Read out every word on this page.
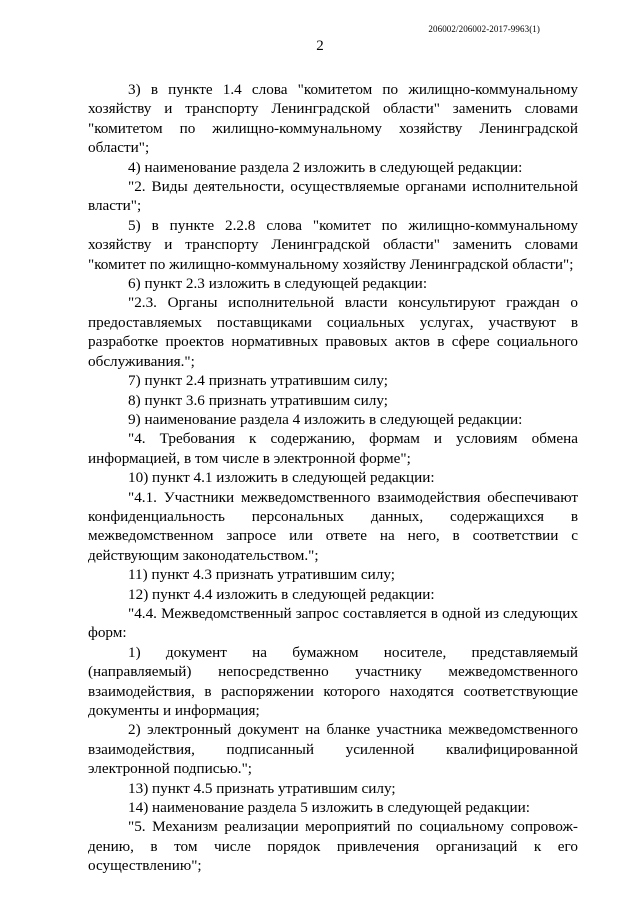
206002/206002-2017-9963(1)
2

3) в пункте 1.4 слова "комитетом по жилищно-коммунальному хозяйству и транспорту Ленинградской области" заменить словами "комитетом по жилищно-коммунальному хозяйству Ленинградской области";

4) наименование раздела 2 изложить в следующей редакции:

"2. Виды деятельности, осуществляемые органами исполнительной власти";

5) в пункте 2.2.8 слова "комитет по жилищно-коммунальному хозяйству и транспорту Ленинградской области" заменить словами "комитет по жилищно-коммунальному хозяйству Ленинградской области";

6) пункт 2.3 изложить в следующей редакции:

"2.3. Органы исполнительной власти консультируют граждан о предоставляемых поставщиками социальных услугах, участвуют в разработке проектов нормативных правовых актов в сфере социального обслуживания.";

7) пункт 2.4 признать утратившим силу;

8) пункт 3.6 признать утратившим силу;

9) наименование раздела 4 изложить в следующей редакции:

"4. Требования к содержанию, формам и условиям обмена информацией, в том числе в электронной форме";

10) пункт 4.1 изложить в следующей редакции:

"4.1. Участники межведомственного взаимодействия обеспечивают конфиденциальность персональных данных, содержащихся в межведомственном запросе или ответе на него, в соответствии с действующим законодательством.";

11) пункт 4.3 признать утратившим силу;

12) пункт 4.4 изложить в следующей редакции:

"4.4. Межведомственный запрос составляется в одной из следующих форм:

1) документ на бумажном носителе, представляемый (направляемый) непосредственно участнику межведомственного взаимодействия, в распоряжении которого находятся соответствующие документы и информация;

2) электронный документ на бланке участника межведомственного взаимодействия, подписанный усиленной квалифицированной электронной подписью.";

13) пункт 4.5 признать утратившим силу;

14) наименование раздела 5 изложить в следующей редакции:

"5. Механизм реализации мероприятий по социальному сопровож-дению, в том числе порядок привлечения организаций к его осуществлению";
